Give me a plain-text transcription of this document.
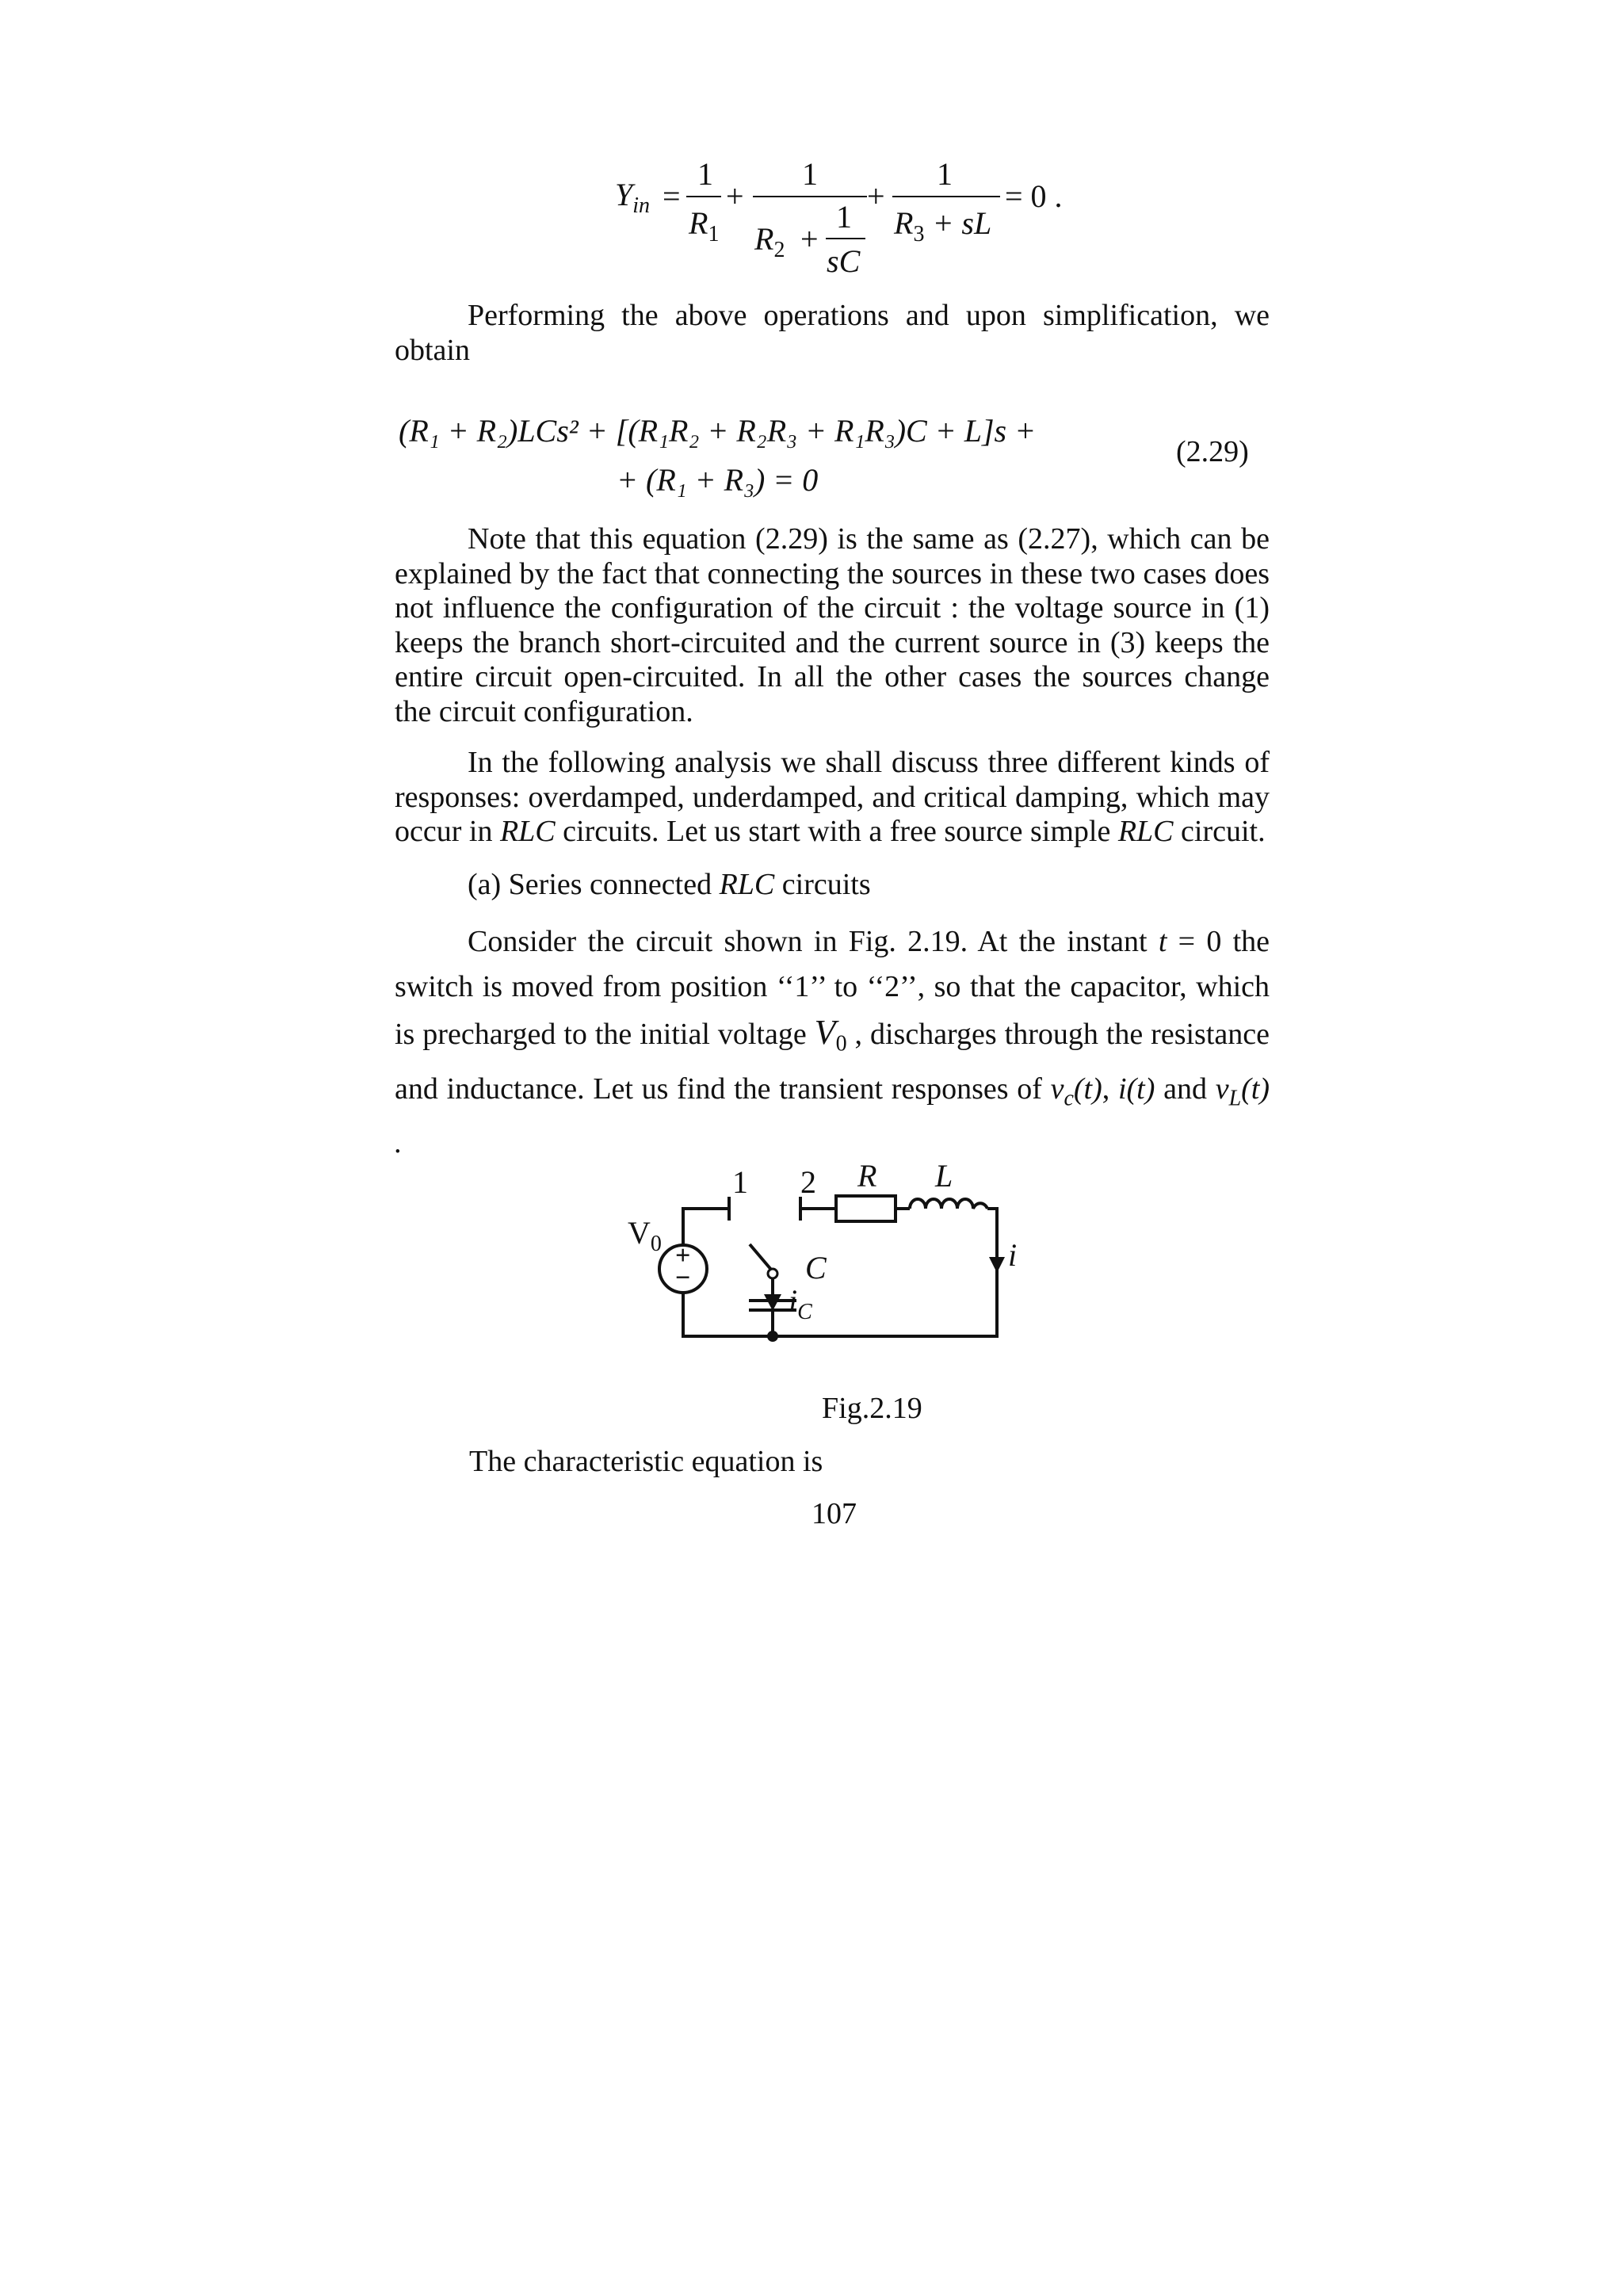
$Y_{in}$ =
1
$R_1$
+
1
$R_2$ +
1
sC
+
1
$R_3$ + sL
= 0 .

Performing the above operations and upon simplification, we obtain

(R₁ + R₂)LCs² + [(R₁R₂ + R₂R₃ + R₁R₃)C + L]s +
+ (R₁ + R₃) = 0
(2.29)

Note that this equation (2.29) is the same as (2.27), which can be explained by the fact that connecting the sources in these two cases does not influence the configuration of the circuit : the voltage source in (1) keeps the branch short-circuited and the current source in (3) keeps the entire circuit open-circuited. In all the other cases the sources change the circuit configuration.

In the following analysis we shall discuss three different kinds of responses: overdamped, underdamped, and critical damping, which may occur in RLC circuits. Let us start with a free source simple RLC circuit.

(a) Series connected RLC circuits

Consider the circuit shown in Fig. 2.19. At the instant t = 0 the switch is moved from position ‘‘1’’ to ‘‘2’’, so that the capacitor, which is precharged to the initial voltage $V_0$ , discharges through the resistance and inductance. Let us find the transient responses of $v_c(t)$, i(t) and $v_L(t)$ .

+
−
$V_0$
1 2 R L
C
$i_C$
i
Fig.2.19
The characteristic equation is
107
